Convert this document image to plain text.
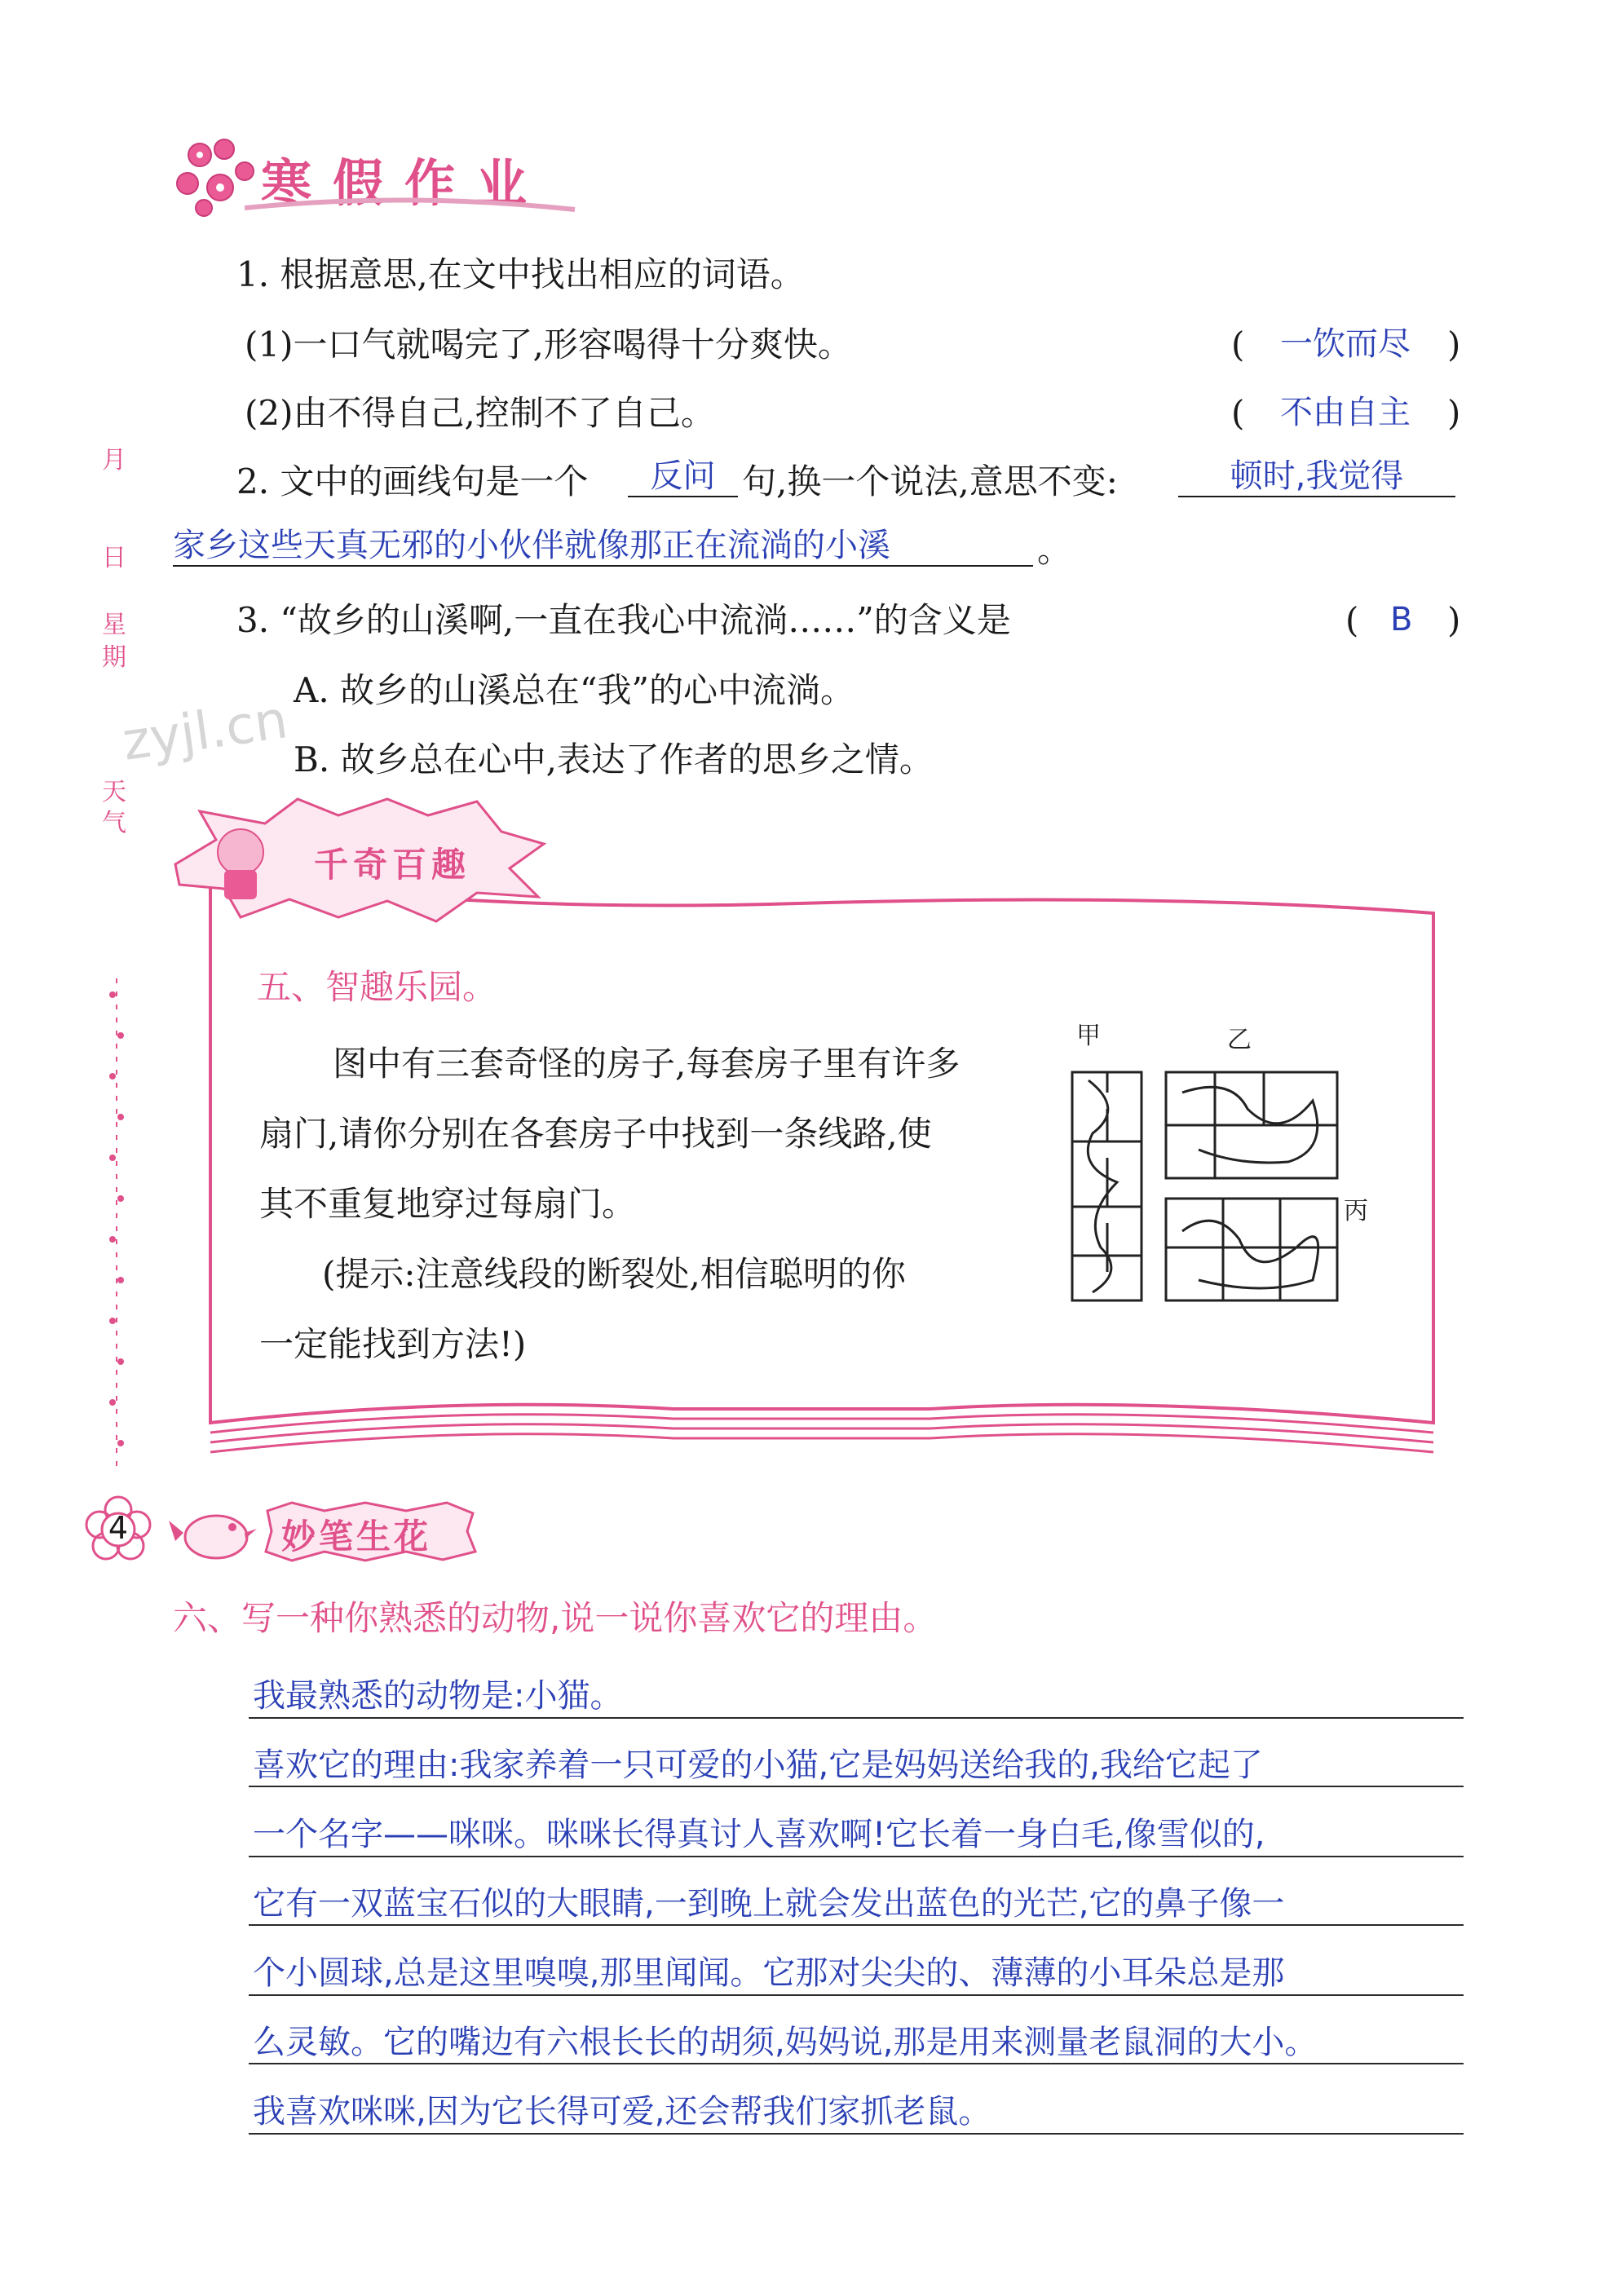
寒假作业
月
日
星
期
天
气
zyjl.cn
4
1. 根据意思,在文中找出相应的词语。
(1)一口气就喝完了,形容喝得十分爽快。	( 一饮而尽 )
(2)由不得自己,控制不了自己。	( 不由自主 )
2. 文中的画线句是一个	反问 句,换一个说法,意思不变:	顿时,我觉得
家乡这些天真无邪的小伙伴就像那正在流淌的小溪	。
3. “故乡的山溪啊,一直在我心中流淌……”的含义是	( B )
A. 故乡的山溪总在“我”的心中流淌。
B. 故乡总在心中,表达了作者的思乡之情。
千奇百趣
五、智趣乐园。
图中有三套奇怪的房子,每套房子里有许多
扇门,请你分别在各套房子中找到一条线路,使
其不重复地穿过每扇门。
(提示:注意线段的断裂处,相信聪明的你
一定能找到方法!)
甲	乙
丙
妙笔生花
六、写一种你熟悉的动物,说一说你喜欢它的理由。
我最熟悉的动物是:小猫。
喜欢它的理由:我家养着一只可爱的小猫,它是妈妈送给我的,我给它起了
一个名字——咪咪。咪咪长得真讨人喜欢啊!它长着一身白毛,像雪似的,
它有一双蓝宝石似的大眼睛,一到晚上就会发出蓝色的光芒,它的鼻子像一
个小圆球,总是这里嗅嗅,那里闻闻。它那对尖尖的、薄薄的小耳朵总是那
么灵敏。它的嘴边有六根长长的胡须,妈妈说,那是用来测量老鼠洞的大小。
我喜欢咪咪,因为它长得可爱,还会帮我们家抓老鼠。
